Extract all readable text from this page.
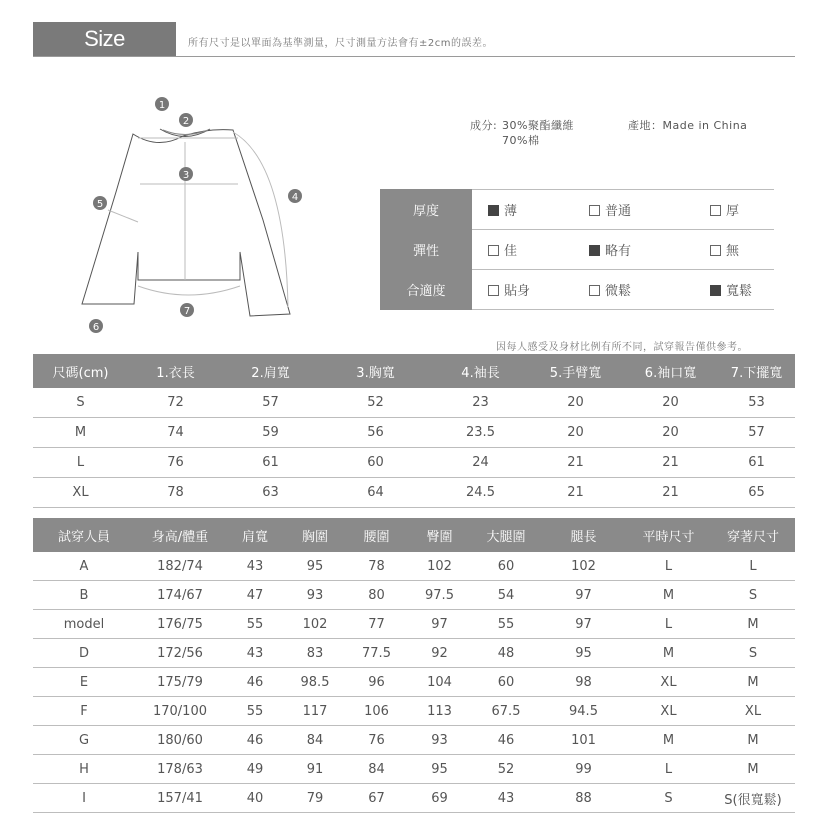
Size Information
所有尺寸是以單面為基準測量，尺寸測量方法會有±2cm的誤差。
1
2
3
4
5
6
7
成分: 30%聚酯纖維
70%棉
產地：Made in China
厚度	薄	普通	厚
彈性	佳	略有	無
合適度	貼身	微鬆	寬鬆
因每人感受及身材比例有所不同，試穿報告僅供參考。
尺碼(cm)	1.衣長	2.肩寬	3.胸寬	4.袖長	5.手臂寬	6.袖口寬	7.下擺寬
S	72	57	52	23	20	20	53
M	74	59	56	23.5	20	20	57
L	76	61	60	24	21	21	61
XL	78	63	64	24.5	21	21	65
試穿人員	身高/體重	肩寬	胸圍	腰圍	臀圍	大腿圍	腿長	平時尺寸	穿著尺寸
A	182/74	43	95	78	102	60	102	L	L
B	174/67	47	93	80	97.5	54	97	M	S
model	176/75	55	102	77	97	55	97	L	M
D	172/56	43	83	77.5	92	48	95	M	S
E	175/79	46	98.5	96	104	60	98	XL	M
F	170/100	55	117	106	113	67.5	94.5	XL	XL
G	180/60	46	84	76	93	46	101	M	M
H	178/63	49	91	84	95	52	99	L	M
I	157/41	40	79	67	69	43	88	S	S(很寬鬆)
